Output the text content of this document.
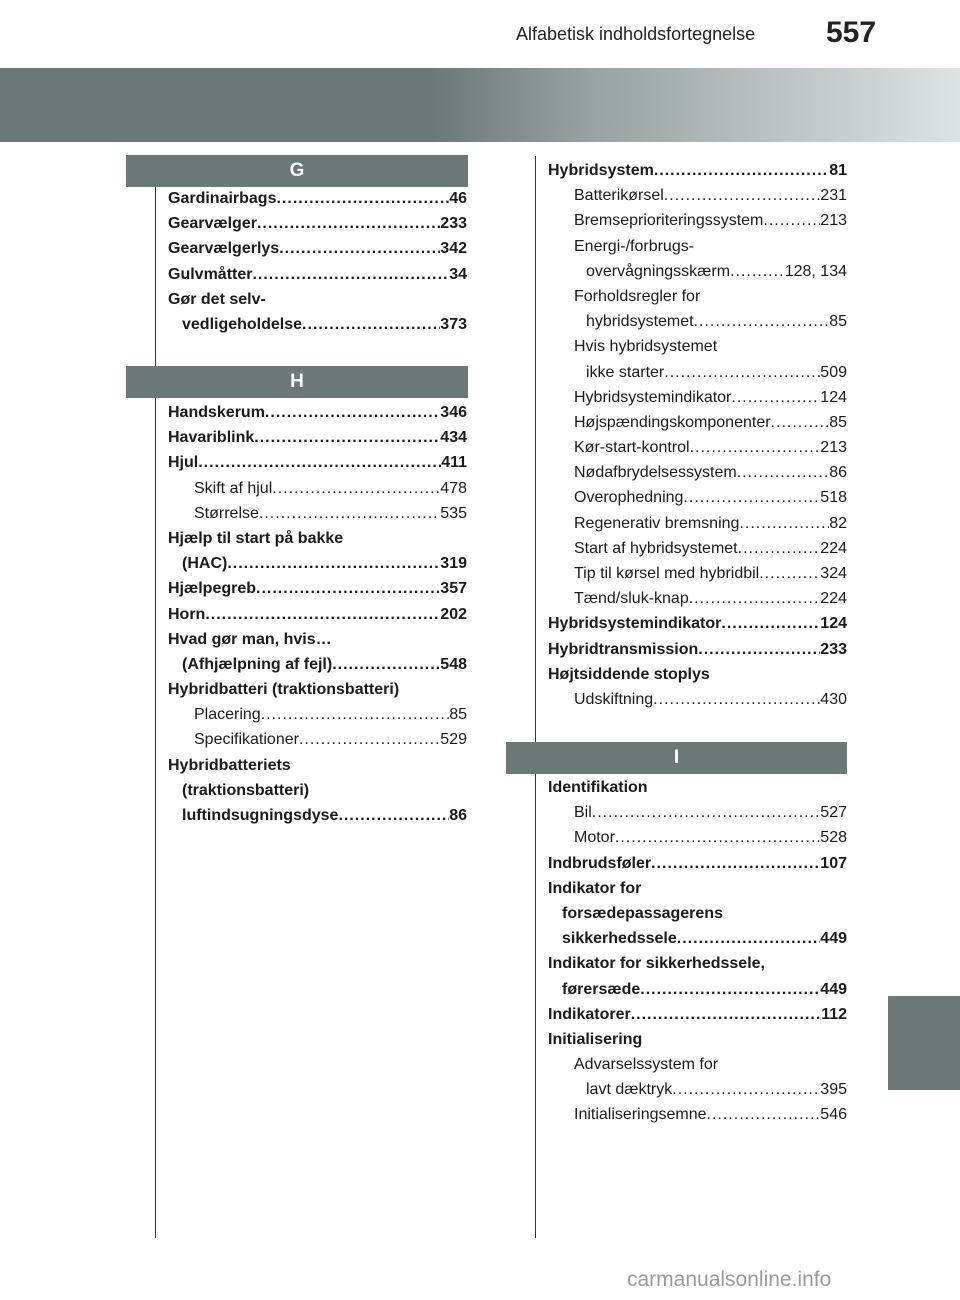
Alfabetisk indholdsfortegnelse 557
G
Gardinairbags .....	46
Gearvælger .....	233
Gearvælgerlys .....	342
Gulvmåtter .....	34
Gør det selv-
vedligeholdelse .....	373
H
Handskerum .....	346
Havariblink .....	434
Hjul .....	411
Skift af hjul .....	478
Størrelse .....	535
Hjælp til start på bakke
(HAC) .....	319
Hjælpegreb .....	357
Horn .....	202
Hvad gør man, hvis…
(Afhjælpning af fejl) .....	548
Hybridbatteri (traktionsbatteri)
Placering .....	85
Specifikationer .....	529
Hybridbatteriets
(traktionsbatteri)
luftindsugningsdyse .....	86
Hybridsystem .....	81
Batterikørsel .....	231
Bremseprioriteringssystem .....	213
Energi-/forbrugs-
overvågningsskærm .....	128, 134
Forholdsregler for
hybridsystemet .....	85
Hvis hybridsystemet
ikke starter .....	509
Hybridsystemindikator .....	124
Højspændingskomponenter .....	85
Kør-start-kontrol .....	213
Nødafbrydelsessystem .....	86
Overophedning .....	518
Regenerativ bremsning .....	82
Start af hybridsystemet .....	224
Tip til kørsel med hybridbil .....	324
Tænd/sluk-knap .....	224
Hybridsystemindikator .....	124
Hybridtransmission .....	233
Højtsiddende stoplys
Udskiftning .....	430
I
Identifikation
Bil .....	527
Motor .....	528
Indbrudsføler .....	107
Indikator for
forsædepassagerens
sikkerhedssele .....	449
Indikator for sikkerhedssele,
førersæde .....	449
Indikatorer .....	112
Initialisering
Advarselssystem for
lavt dæktryk .....	395
Initialiseringsemne .....	546
carmanualsonline.info
